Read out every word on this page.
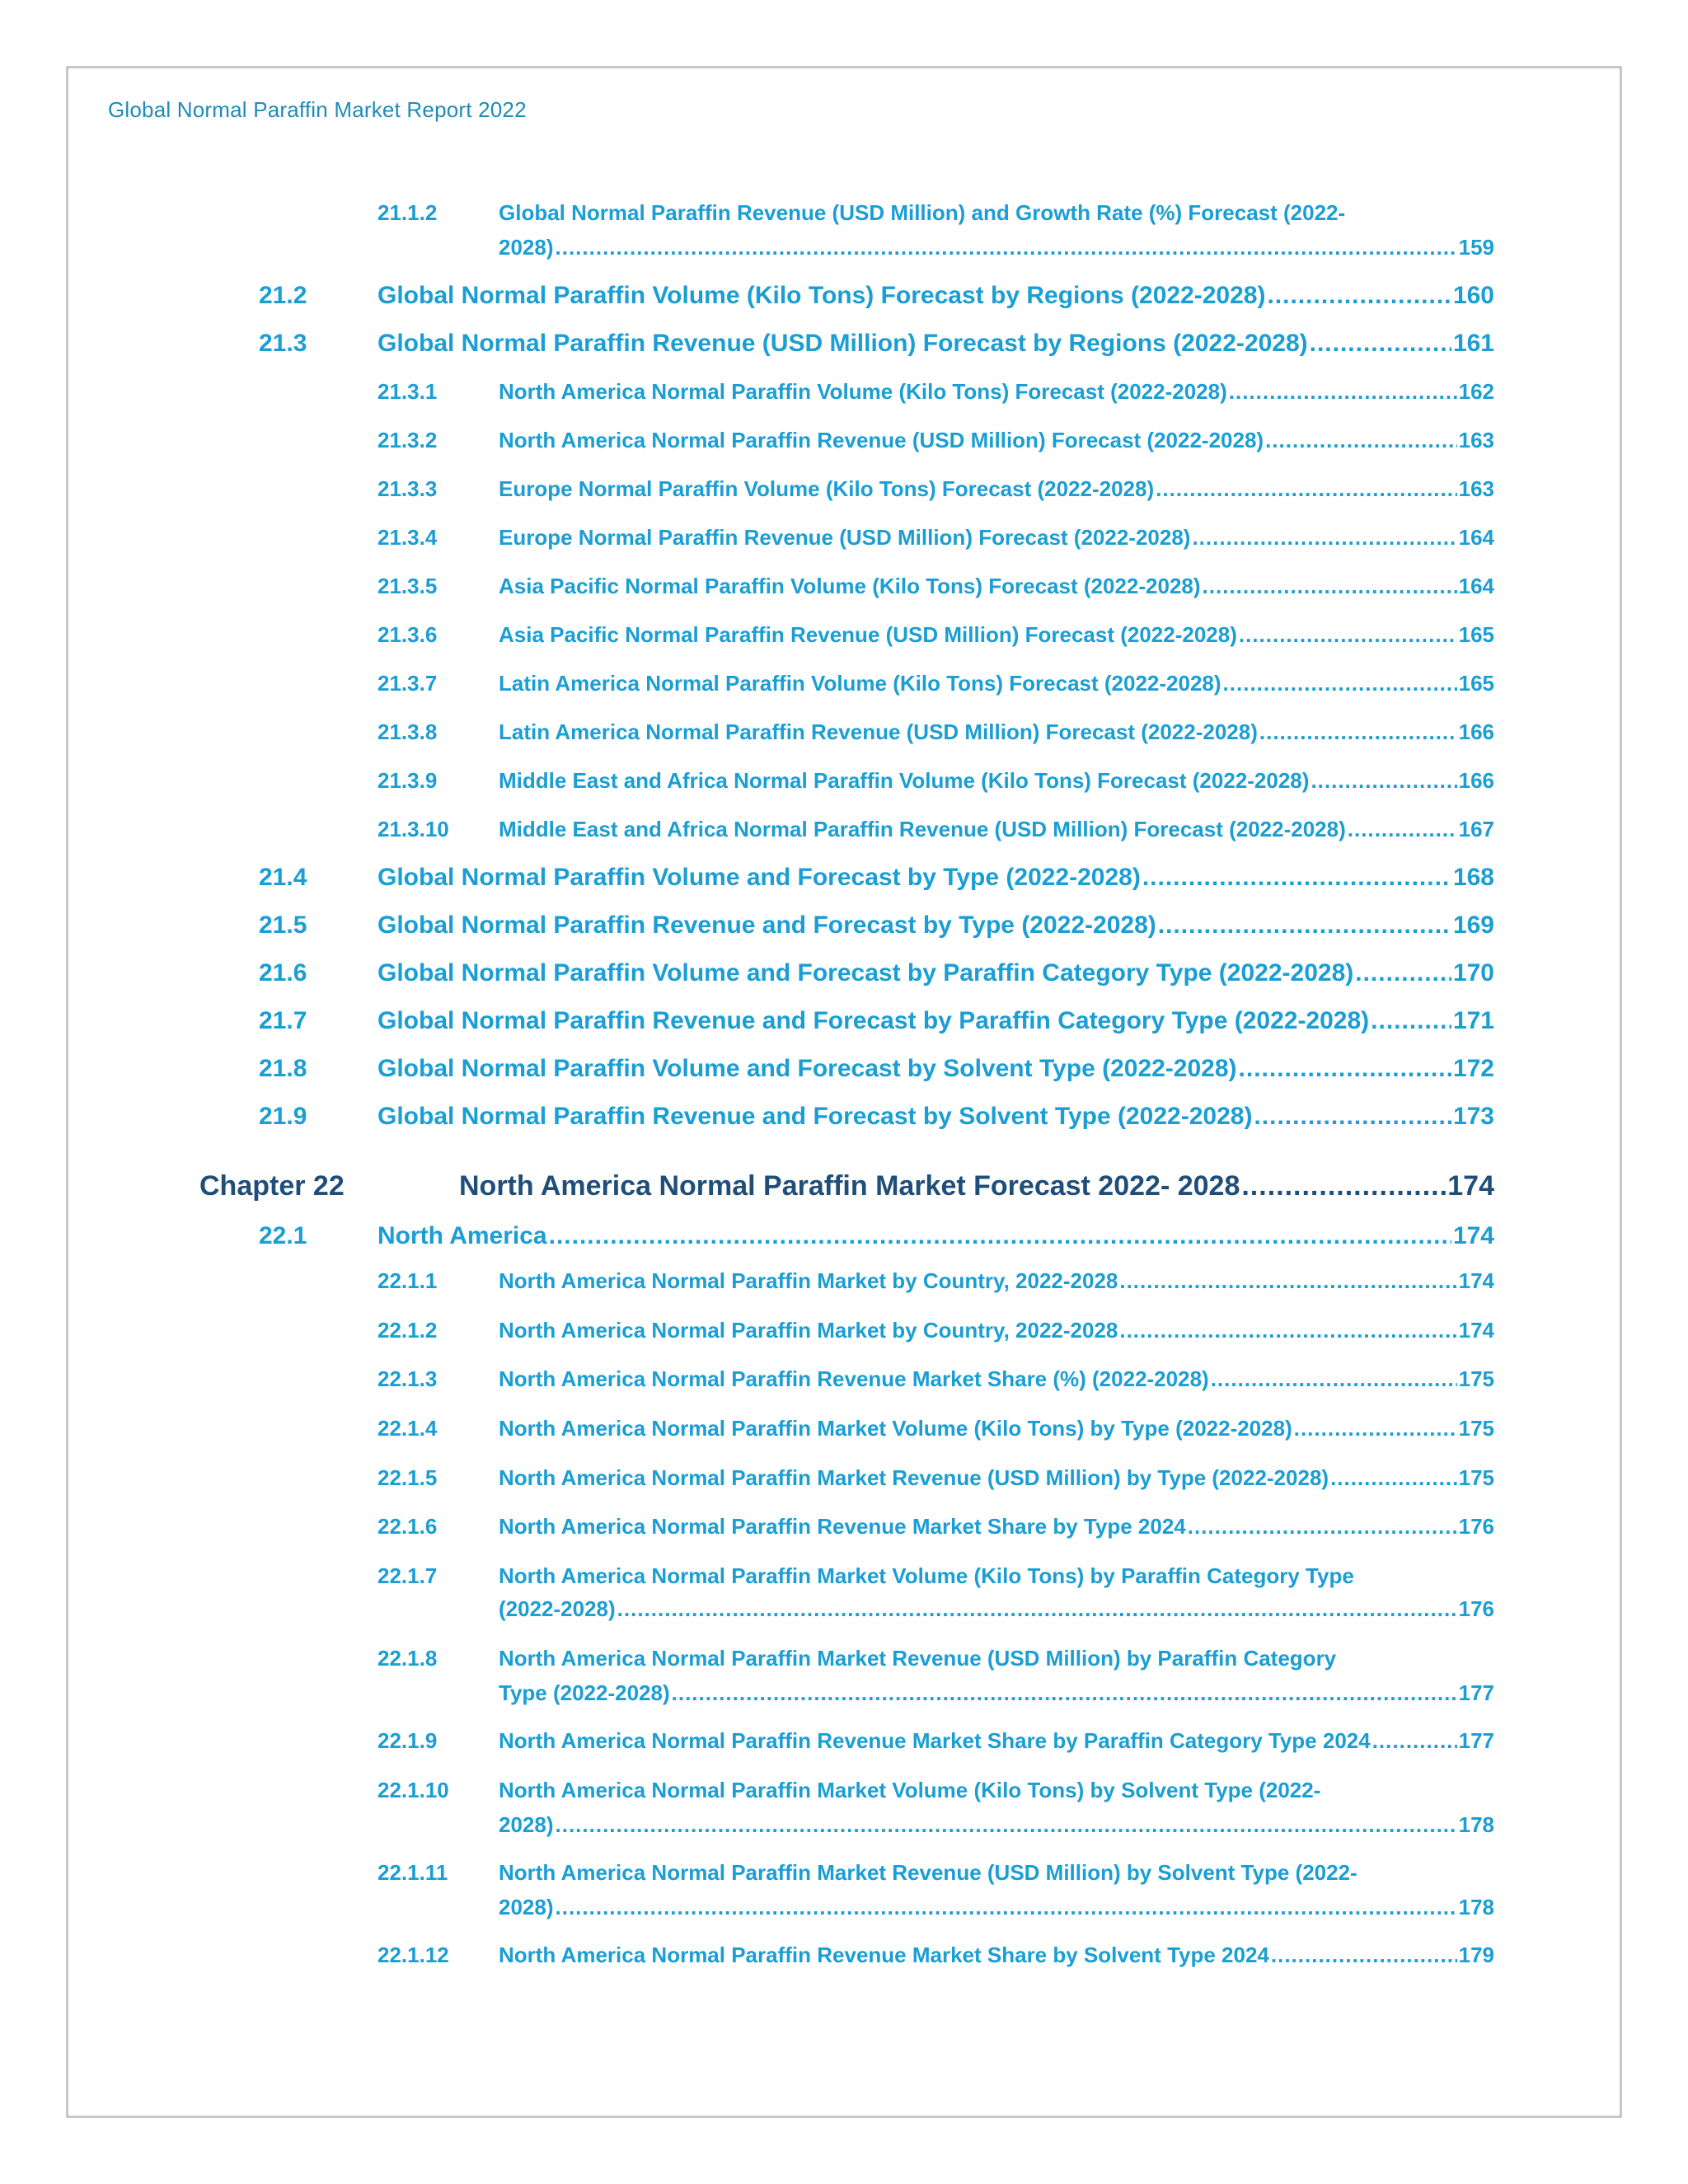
Global Normal Paraffin Market Report 2022
21.1.2	Global Normal Paraffin Revenue (USD Million) and Growth Rate (%) Forecast (2022-
2028) .....	159
21.2	Global Normal Paraffin Volume (Kilo Tons) Forecast by Regions (2022-2028) .....	160
21.3	Global Normal Paraffin Revenue (USD Million) Forecast by Regions (2022-2028) .....	161
21.3.1	North America Normal Paraffin Volume (Kilo Tons) Forecast (2022-2028) .....	162
21.3.2	North America Normal Paraffin Revenue (USD Million) Forecast (2022-2028) .....	163
21.3.3	Europe Normal Paraffin Volume (Kilo Tons) Forecast (2022-2028) .....	163
21.3.4	Europe Normal Paraffin Revenue (USD Million) Forecast (2022-2028) .....	164
21.3.5	Asia Pacific Normal Paraffin Volume (Kilo Tons) Forecast (2022-2028) .....	164
21.3.6	Asia Pacific Normal Paraffin Revenue (USD Million) Forecast (2022-2028) .....	165
21.3.7	Latin America Normal Paraffin Volume (Kilo Tons) Forecast (2022-2028) .....	165
21.3.8	Latin America Normal Paraffin Revenue (USD Million) Forecast (2022-2028) .....	166
21.3.9	Middle East and Africa Normal Paraffin Volume (Kilo Tons) Forecast (2022-2028) .....	166
21.3.10 Middle East and Africa Normal Paraffin Revenue (USD Million) Forecast (2022-2028) .....	167
21.4	Global Normal Paraffin Volume and Forecast by Type (2022-2028) .....	168
21.5	Global Normal Paraffin Revenue and Forecast by Type (2022-2028) .....	169
21.6	Global Normal Paraffin Volume and Forecast by Paraffin Category Type (2022-2028) .....	170
21.7	Global Normal Paraffin Revenue and Forecast by Paraffin Category Type (2022-2028) .....	171
21.8	Global Normal Paraffin Volume and Forecast by Solvent Type (2022-2028) .....	172
21.9	Global Normal Paraffin Revenue and Forecast by Solvent Type (2022-2028) .....	173
Chapter 22	North America Normal Paraffin Market Forecast 2022- 2028 .....	174
22.1	North America .....	174
22.1.1	North America Normal Paraffin Market by Country, 2022-2028 .....	174
22.1.2	North America Normal Paraffin Market by Country, 2022-2028 .....	174
22.1.3	North America Normal Paraffin Revenue Market Share (%) (2022-2028) .....	175
22.1.4	North America Normal Paraffin Market Volume (Kilo Tons) by Type (2022-2028) .....	175
22.1.5	North America Normal Paraffin Market Revenue (USD Million) by Type (2022-2028) .....	175
22.1.6	North America Normal Paraffin Revenue Market Share by Type 2024 .....	176
22.1.7	North America Normal Paraffin Market Volume (Kilo Tons) by Paraffin Category Type
(2022-2028) .....	176
22.1.8	North America Normal Paraffin Market Revenue (USD Million) by Paraffin Category
Type (2022-2028) .....	177
22.1.9	North America Normal Paraffin Revenue Market Share by Paraffin Category Type 2024 .....	177
22.1.10 North America Normal Paraffin Market Volume (Kilo Tons) by Solvent Type (2022-
2028) .....	178
22.1.11 North America Normal Paraffin Market Revenue (USD Million) by Solvent Type (2022-
2028) .....	178
22.1.12 North America Normal Paraffin Revenue Market Share by Solvent Type 2024 .....	179
